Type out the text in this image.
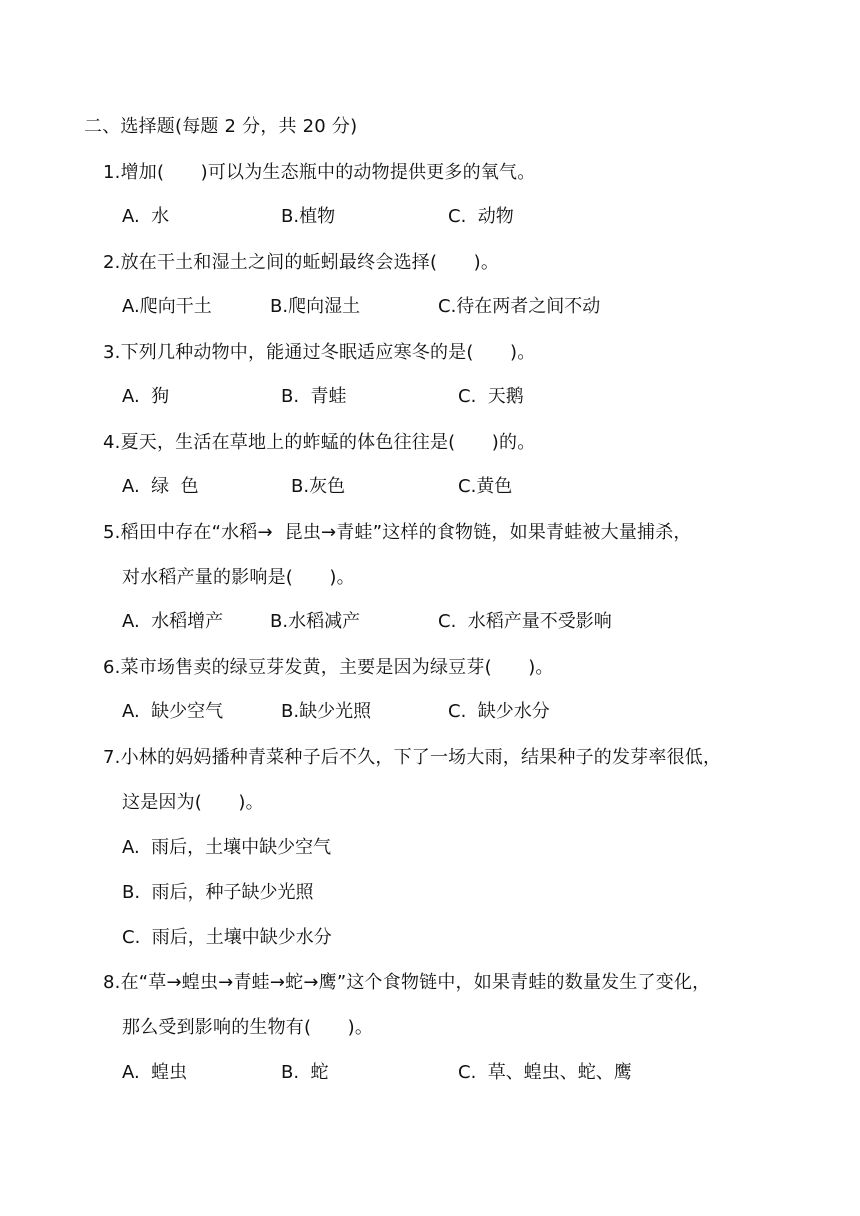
二、选择题(每题 2 分，共 20 分)
1.增加(　　)可以为生态瓶中的动物提供更多的氧气。
A.  水	B.植物	C.  动物
2.放在干土和湿土之间的蚯蚓最终会选择(　　)。
A.爬向干土	B.爬向湿土	C.待在两者之间不动
3.下列几种动物中，能通过冬眠适应寒冬的是(　　)。
A.  狗	B.  青蛙	C.  天鹅
4.夏天，生活在草地上的蚱蜢的体色往往是(　　)的。
A.  绿  色	B.灰色	C.黄色
5.稻田中存在“水稻→  昆虫→青蛙”这样的食物链，如果青蛙被大量捕杀，
对水稻产量的影响是(　　)。
A.  水稻增产	B.水稻减产	C.  水稻产量不受影响
6.菜市场售卖的绿豆芽发黄，主要是因为绿豆芽(　　)。
A.  缺少空气	B.缺少光照	C.  缺少水分
7.小林的妈妈播种青菜种子后不久，下了一场大雨，结果种子的发芽率很低，
这是因为(　　)。
A.  雨后，土壤中缺少空气
B.  雨后，种子缺少光照
C.  雨后，土壤中缺少水分
8.在“草→蝗虫→青蛙→蛇→鹰”这个食物链中，如果青蛙的数量发生了变化，
那么受到影响的生物有(　　)。
A.  蝗虫	B.  蛇	C.  草、蝗虫、蛇、鹰
